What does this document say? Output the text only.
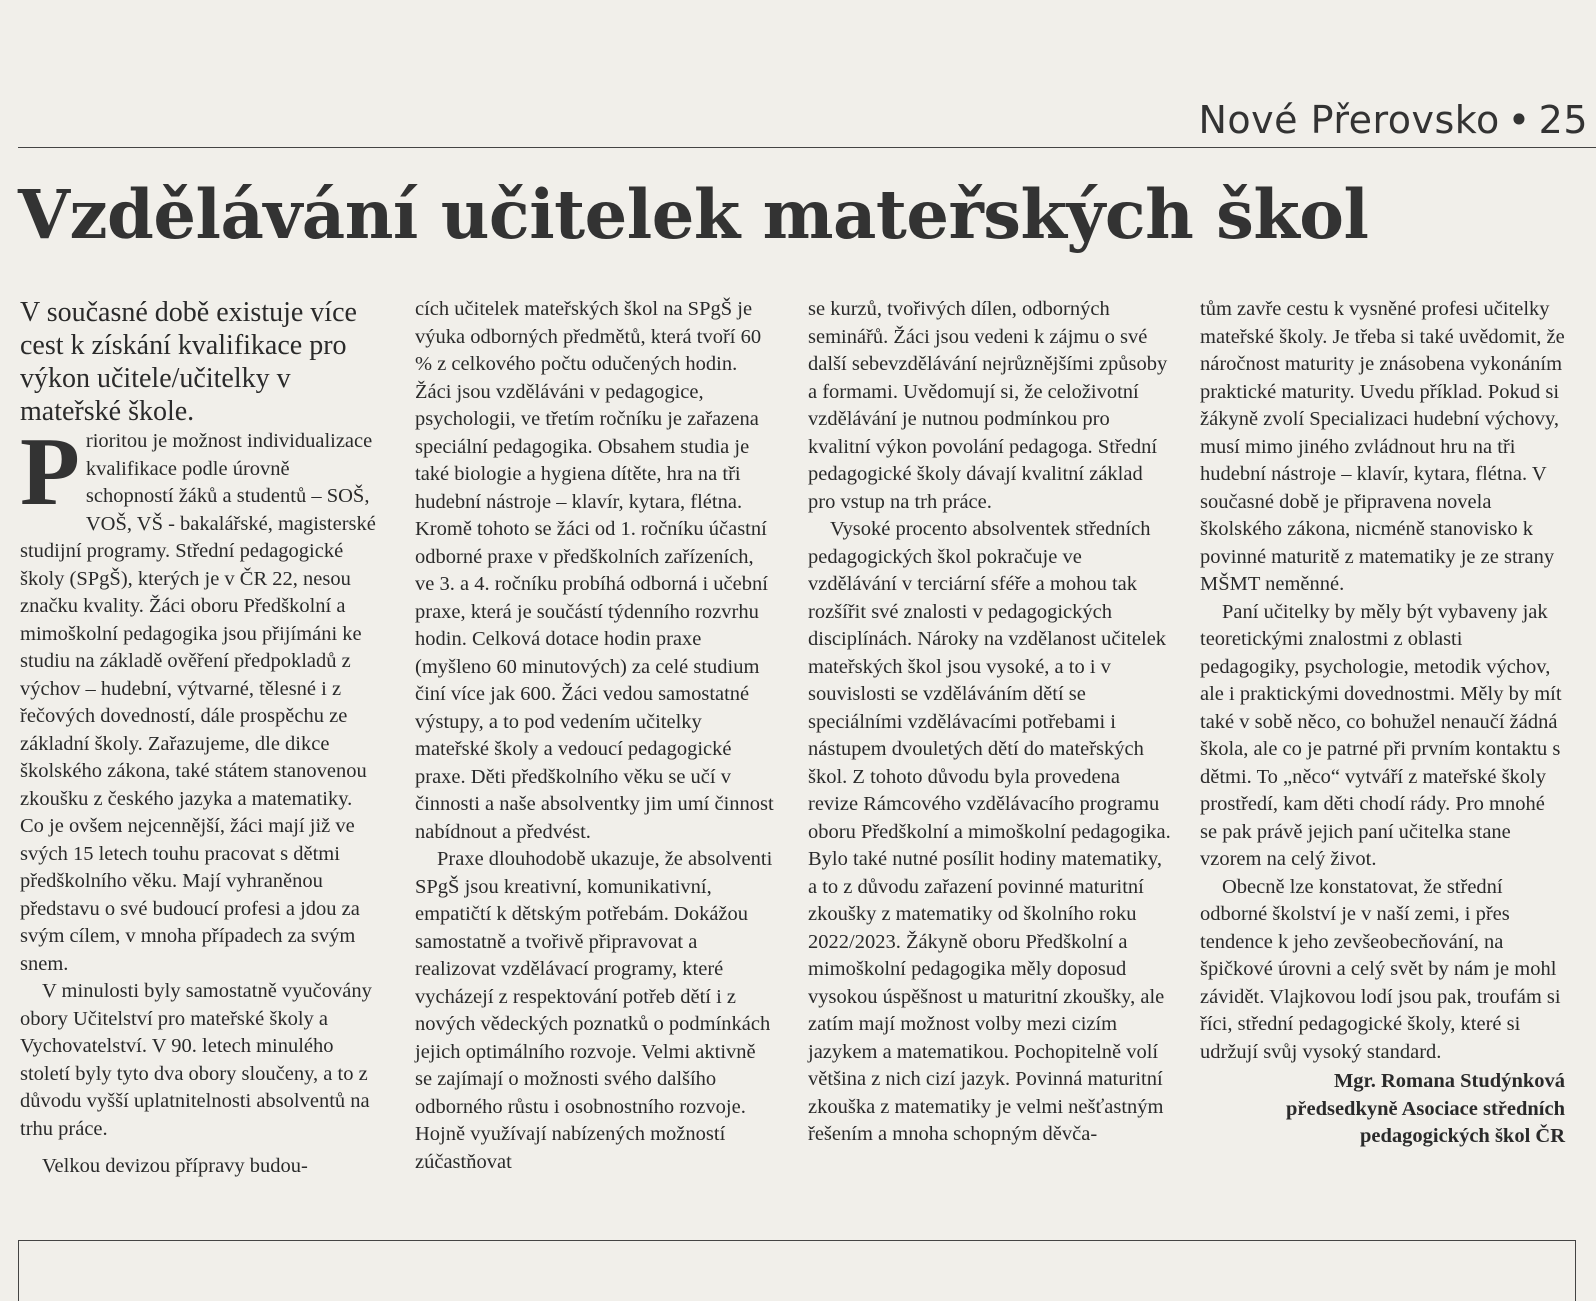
Nové Přerovsko • 25
Vzdělávání učitelek mateřských škol

V současné době existuje více cest k získání kvalifikace pro výkon učitele/učitelky v mateřské škole.

Prioritou je možnost individualizace kvalifikace podle úrovně schopností žáků a studentů – SOŠ, VOŠ, VŠ - bakalářské, magisterské studijní programy. Střední pedagogické školy (SPgŠ), kterých je v ČR 22, nesou značku kvality. Žáci oboru Předškolní a mimoškolní pedagogika jsou přijímáni ke studiu na základě ověření předpokladů z výchov – hudební, výtvarné, tělesné i z řečových dovedností, dále prospěchu ze základní školy. Zařazujeme, dle dikce školského zákona, také státem stanovenou zkoušku z českého jazyka a matematiky. Co je ovšem nejcennější, žáci mají již ve svých 15 letech touhu pracovat s dětmi předškolního věku. Mají vyhraněnou představu o své budoucí profesi a jdou za svým cílem, v mnoha případech za svým snem.

V minulosti byly samostatně vyučovány obory Učitelství pro mateřské školy a Vychovatelství. V 90. letech minulého století byly tyto dva obory sloučeny, a to z důvodu vyšší uplatnitelnosti absolventů na trhu práce.

Velkou devizou přípravy budou-

cích učitelek mateřských škol na SPgŠ je výuka odborných předmětů, která tvoří 60 % z celkového počtu odučených hodin. Žáci jsou vzděláváni v pedagogice, psychologii, ve třetím ročníku je zařazena speciální pedagogika. Obsahem studia je také biologie a hygiena dítěte, hra na tři hudební nástroje – klavír, kytara, flétna. Kromě tohoto se žáci od 1. ročníku účastní odborné praxe v předškolních zařízeních, ve 3. a 4. ročníku probíhá odborná i učební praxe, která je součástí týdenního rozvrhu hodin. Celková dotace hodin praxe (myšleno 60 minutových) za celé studium činí více jak 600. Žáci vedou samostatné výstupy, a to pod vedením učitelky mateřské školy a vedoucí pedagogické praxe. Děti předškolního věku se učí v činnosti a naše absolventky jim umí činnost nabídnout a předvést.

Praxe dlouhodobě ukazuje, že absolventi SPgŠ jsou kreativní, komunikativní, empatičtí k dětským potřebám. Dokážou samostatně a tvořivě připravovat a realizovat vzdělávací programy, které vycházejí z respektování potřeb dětí i z nových vědeckých poznatků o podmínkách jejich optimálního rozvoje. Velmi aktivně se zajímají o možnosti svého dalšího odborného růstu i osobnostního rozvoje. Hojně využívají nabízených možností zúčastňovat

se kurzů, tvořivých dílen, odborných seminářů. Žáci jsou vedeni k zájmu o své další sebevzdělávání nejrůznějšími způsoby a formami. Uvědomují si, že celoživotní vzdělávání je nutnou podmínkou pro kvalitní výkon povolání pedagoga. Střední pedagogické školy dávají kvalitní základ pro vstup na trh práce.

Vysoké procento absolventek středních pedagogických škol pokračuje ve vzdělávání v terciární sféře a mohou tak rozšířit své znalosti v pedagogických disciplínách. Nároky na vzdělanost učitelek mateřských škol jsou vysoké, a to i v souvislosti se vzděláváním dětí se speciálními vzdělávacími potřebami i nástupem dvouletých dětí do mateřských škol. Z tohoto důvodu byla provedena revize Rámcového vzdělávacího programu oboru Předškolní a mimoškolní pedagogika. Bylo také nutné posílit hodiny matematiky, a to z důvodu zařazení povinné maturitní zkoušky z matematiky od školního roku 2022/2023. Žákyně oboru Předškolní a mimoškolní pedagogika měly doposud vysokou úspěšnost u maturitní zkoušky, ale zatím mají možnost volby mezi cizím jazykem a matematikou. Pochopitelně volí většina z nich cizí jazyk. Povinná maturitní zkouška z matematiky je velmi nešťastným řešením a mnoha schopným děvča-

tům zavře cestu k vysněné profesi učitelky mateřské školy. Je třeba si také uvědomit, že náročnost maturity je znásobena vykonáním praktické maturity. Uvedu příklad. Pokud si žákyně zvolí Specializaci hudební výchovy, musí mimo jiného zvládnout hru na tři hudební nástroje – klavír, kytara, flétna. V současné době je připravena novela školského zákona, nicméně stanovisko k povinné maturitě z matematiky je ze strany MŠMT neměnné.

Paní učitelky by měly být vybaveny jak teoretickými znalostmi z oblasti pedagogiky, psychologie, metodik výchov, ale i praktickými dovednostmi. Měly by mít také v sobě něco, co bohužel nenaučí žádná škola, ale co je patrné při prvním kontaktu s dětmi. To „něco“ vytváří z mateřské školy prostředí, kam děti chodí rády. Pro mnohé se pak právě jejich paní učitelka stane vzorem na celý život.

Obecně lze konstatovat, že střední odborné školství je v naší zemi, i přes tendence k jeho zevšeobecňování, na špičkové úrovni a celý svět by nám je mohl závidět. Vlajkovou lodí jsou pak, troufám si říci, střední pedagogické školy, které si udržují svůj vysoký standard.

Mgr. Romana Studýnková
předsedkyně Asociace středních
pedagogických škol ČR
